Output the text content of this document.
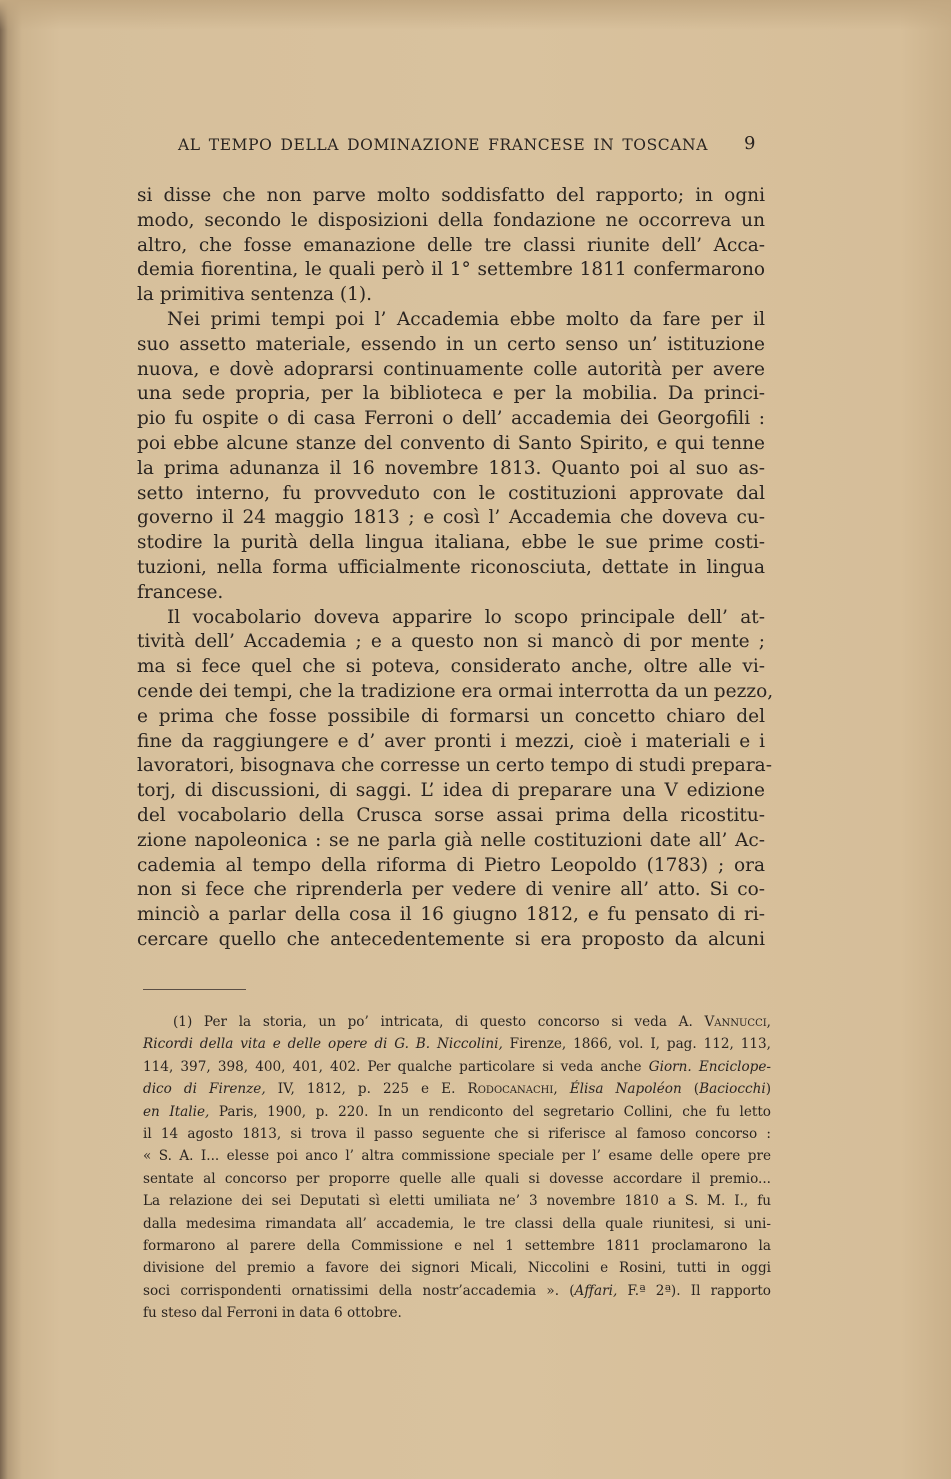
AL TEMPO DELLA DOMINAZIONE FRANCESE IN TOSCANA 9
si disse che non parve molto soddisfatto del rapporto; in ogni
modo, secondo le disposizioni della fondazione ne occorreva un
altro, che fosse emanazione delle tre classi riunite dell’ Acca-
demia fiorentina, le quali però il 1° settembre 1811 confermarono
la primitiva sentenza (1).
Nei primi tempi poi l’ Accademia ebbe molto da fare per il
suo assetto materiale, essendo in un certo senso un’ istituzione
nuova, e dovè adoprarsi continuamente colle autorità per avere
una sede propria, per la biblioteca e per la mobilia. Da princi-
pio fu ospite o di casa Ferroni o dell’ accademia dei Georgofili :
poi ebbe alcune stanze del convento di Santo Spirito, e qui tenne
la prima adunanza il 16 novembre 1813. Quanto poi al suo as-
setto interno, fu provveduto con le costituzioni approvate dal
governo il 24 maggio 1813 ; e così l’ Accademia che doveva cu-
stodire la purità della lingua italiana, ebbe le sue prime costi-
tuzioni, nella forma ufficialmente riconosciuta, dettate in lingua
francese.
Il vocabolario doveva apparire lo scopo principale dell’ at-
tività dell’ Accademia ; e a questo non si mancò di por mente ;
ma si fece quel che si poteva, considerato anche, oltre alle vi-
cende dei tempi, che la tradizione era ormai interrotta da un pezzo,
e prima che fosse possibile di formarsi un concetto chiaro del
fine da raggiungere e d’ aver pronti i mezzi, cioè i materiali e i
lavoratori, bisognava che corresse un certo tempo di studi prepara-
torj, di discussioni, di saggi. L’ idea di preparare una V edizione
del vocabolario della Crusca sorse assai prima della ricostitu-
zione napoleonica : se ne parla già nelle costituzioni date all’ Ac-
cademia al tempo della riforma di Pietro Leopoldo (1783) ; ora
non si fece che riprenderla per vedere di venire all’ atto. Si co-
minciò a parlar della cosa il 16 giugno 1812, e fu pensato di ri-
cercare quello che antecedentemente si era proposto da alcuni
(1) Per la storia, un po’ intricata, di questo concorso si veda A. Vannucci,
Ricordi della vita e delle opere di G. B. Niccolini, Firenze, 1866, vol. I, pag. 112, 113,
114, 397, 398, 400, 401, 402. Per qualche particolare si veda anche Giorn. Enciclope-
dico di Firenze, IV, 1812, p. 225 e E. Rodocanachi, Élisa Napoléon (Baciocchi)
en Italie, Paris, 1900, p. 220. In un rendiconto del segretario Collini, che fu letto
il 14 agosto 1813, si trova il passo seguente che si riferisce al famoso concorso :
« S. A. I... elesse poi anco l’ altra commissione speciale per l’ esame delle opere pre
sentate al concorso per proporre quelle alle quali si dovesse accordare il premio...
La relazione dei sei Deputati sì eletti umiliata ne’ 3 novembre 1810 a S. M. I., fu
dalla medesima rimandata all’ accademia, le tre classi della quale riunitesi, si uni-
formarono al parere della Commissione e nel 1 settembre 1811 proclamarono la
divisione del premio a favore dei signori Micali, Niccolini e Rosini, tutti in oggi
soci corrispondenti ornatissimi della nostr’accademia ». (Affari, F.ª 2ª). Il rapporto
fu steso dal Ferroni in data 6 ottobre.
